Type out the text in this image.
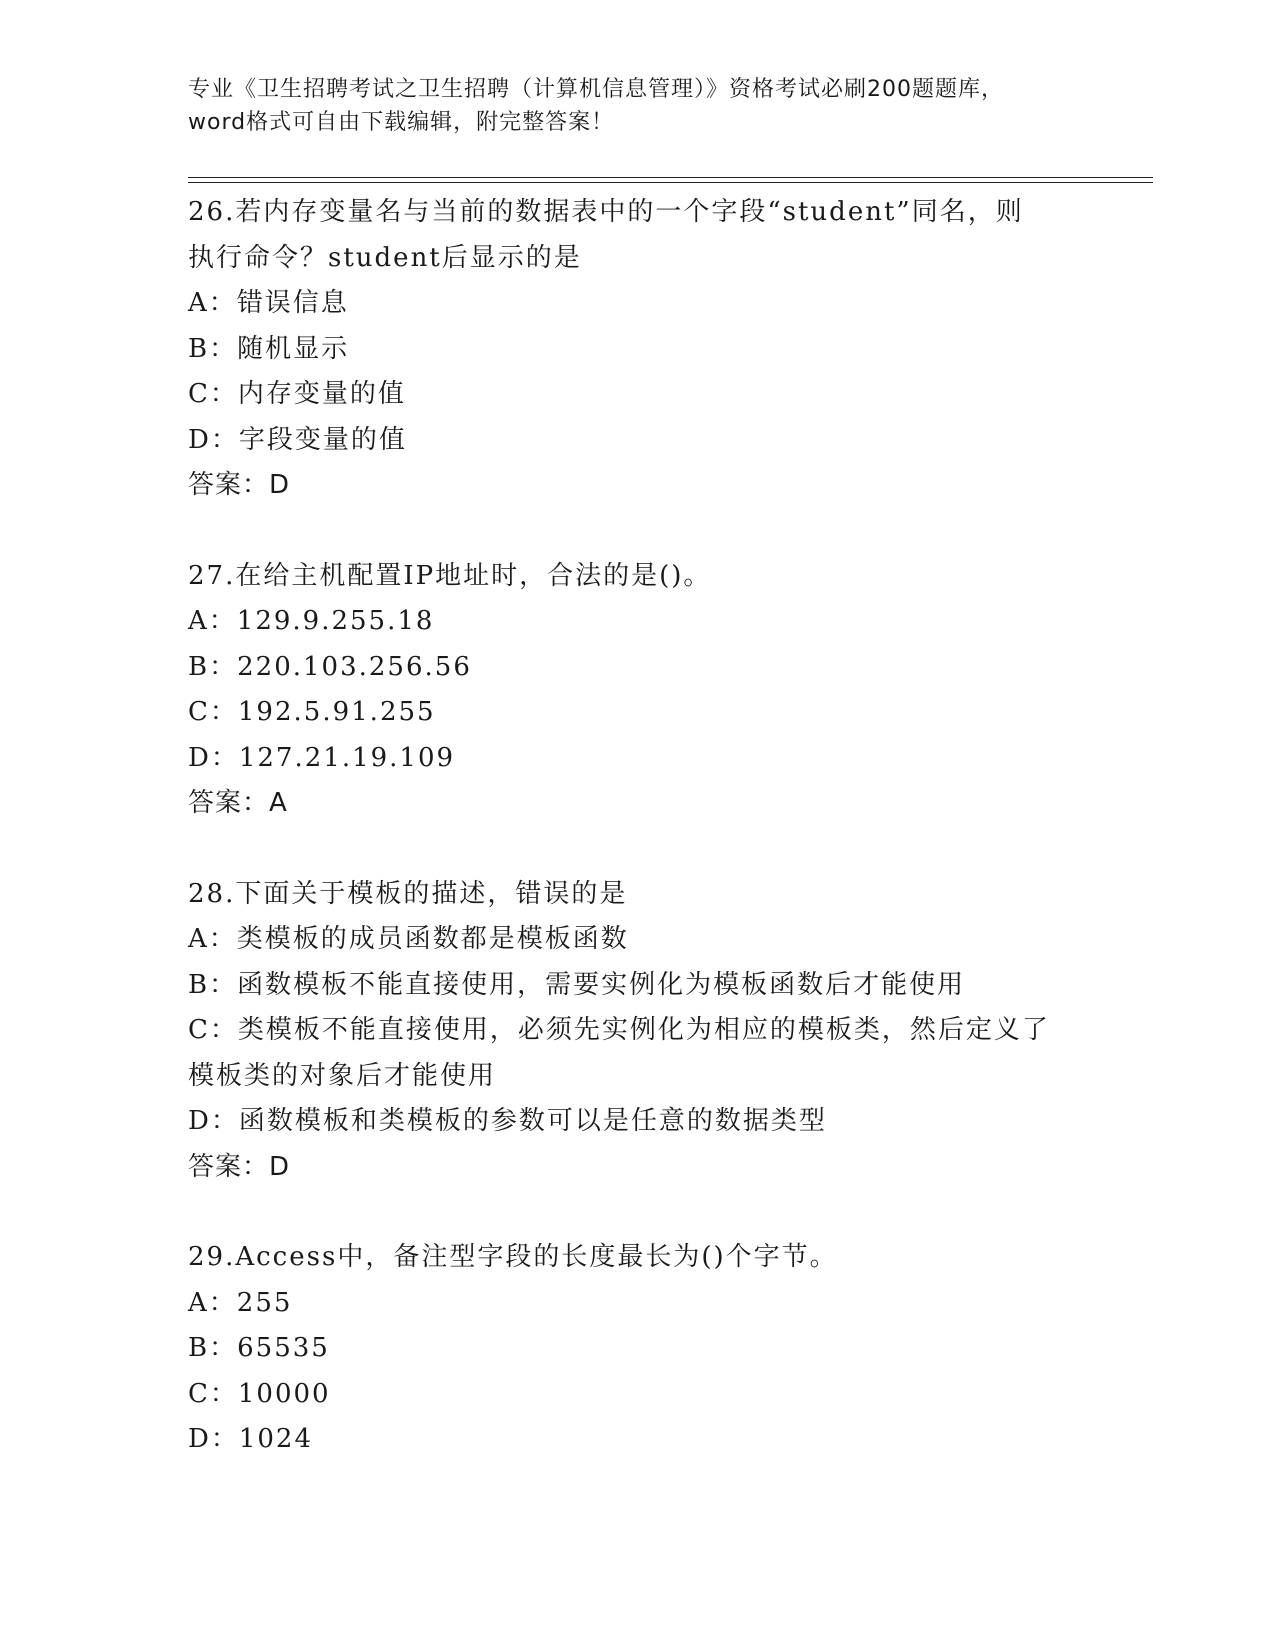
专业《卫生招聘考试之卫生招聘（计算机信息管理）》资格考试必刷200题题库，
word格式可自由下载编辑，附完整答案！
26.若内存变量名与当前的数据表中的一个字段“student”同名，则
执行命令？student后显示的是
A：错误信息
B：随机显示
C：内存变量的值
D：字段变量的值
答案：D
27.在给主机配置IP地址时，合法的是()。
A：129.9.255.18
B：220.103.256.56
C：192.5.91.255
D：127.21.19.109
答案：A
28.下面关于模板的描述，错误的是
A：类模板的成员函数都是模板函数
B：函数模板不能直接使用，需要实例化为模板函数后才能使用
C：类模板不能直接使用，必须先实例化为相应的模板类，然后定义了
模板类的对象后才能使用
D：函数模板和类模板的参数可以是任意的数据类型
答案：D
29.Access中，备注型字段的长度最长为()个字节。
A：255
B：65535
C：10000
D：1024
